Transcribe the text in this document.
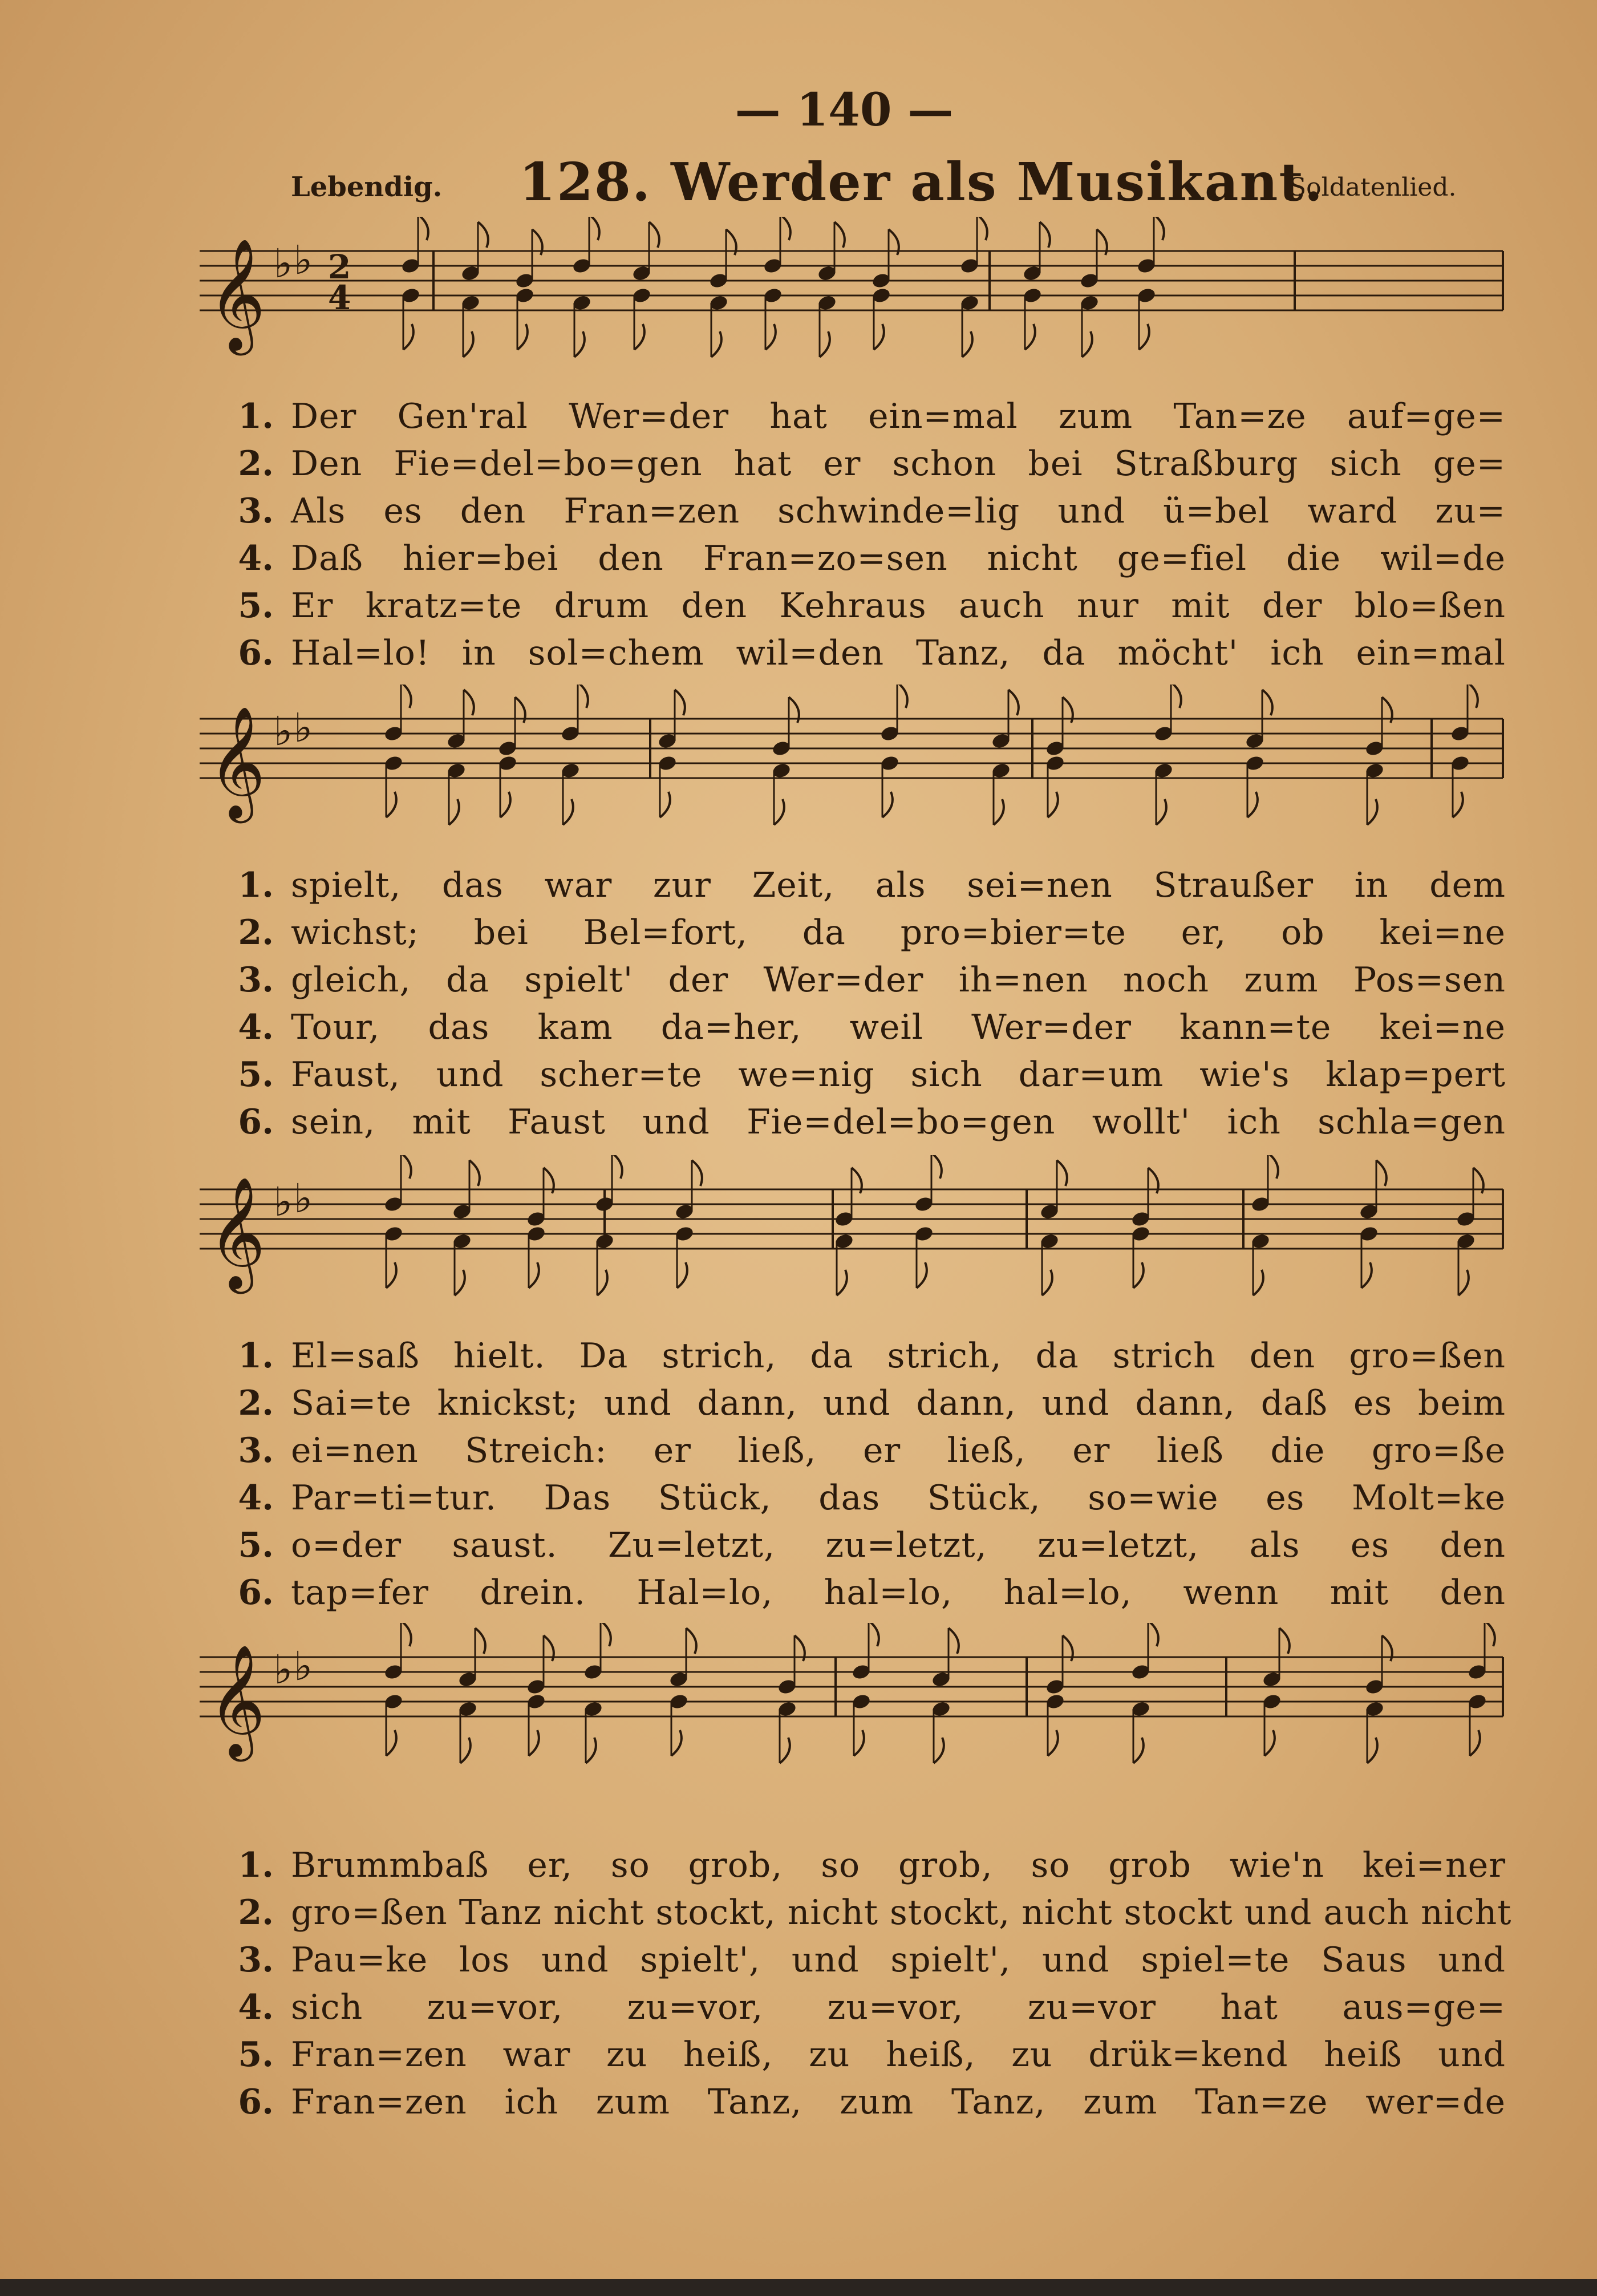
— 140 —
Lebendig. 128. Werder als Musikant.
Soldatenlied.
𝄞 ♭ ♭ 2
4
𝄞 ♭ ♭
𝄞 ♭ ♭
𝄞 ♭ ♭
1. Der Gen'ral Wer=der hat ein=mal zum Tan=ze auf=ge=
2. Den Fie=del=bo=gen hat er schon bei Straßburg sich ge=
3. Als es den Fran=zen schwinde=lig und ü=bel ward zu=
4. Daß hier=bei den Fran=zo=sen nicht ge=fiel die wil=de
5. Er kratz=te drum den Kehraus auch nur mit der blo=ßen
6. Hal=lo! in sol=chem wil=den Tanz, da möcht' ich ein=mal
1. spielt, das war zur Zeit, als sei=nen Straußer in dem
2. wichst; bei Bel=fort, da pro=bier=te er, ob kei=ne
3. gleich, da spielt' der Wer=der ih=nen noch zum Pos=sen
4. Tour, das kam da=her, weil Wer=der kann=te kei=ne
5. Faust, und scher=te we=nig sich dar=um wie's klap=pert
6. sein, mit Faust und Fie=del=bo=gen wollt' ich schla=gen
1. El=saß hielt. Da strich, da strich, da strich den gro=ßen
2. Sai=te knickst; und dann, und dann, und dann, daß es beim
3. ei=nen Streich: er ließ, er ließ, er ließ die gro=ße
4. Par=ti=tur. Das Stück, das Stück, so=wie es Molt=ke
5. o=der saust. Zu=letzt, zu=letzt, zu=letzt, als es den
6. tap=fer drein. Hal=lo, hal=lo, hal=lo, wenn mit den
1. Brummbaß er, so grob, so grob, so grob wie'n kei=ner
2. gro=ßen Tanz nicht stockt, nicht stockt, nicht stockt und auch nicht
3. Pau=ke los und spielt', und spielt', und spiel=te Saus und
4. sich zu=vor, zu=vor, zu=vor, zu=vor hat aus=ge=
5. Fran=zen war zu heiß, zu heiß, zu drük=kend heiß und
6. Fran=zen ich zum Tanz, zum Tanz, zum Tan=ze wer=de
